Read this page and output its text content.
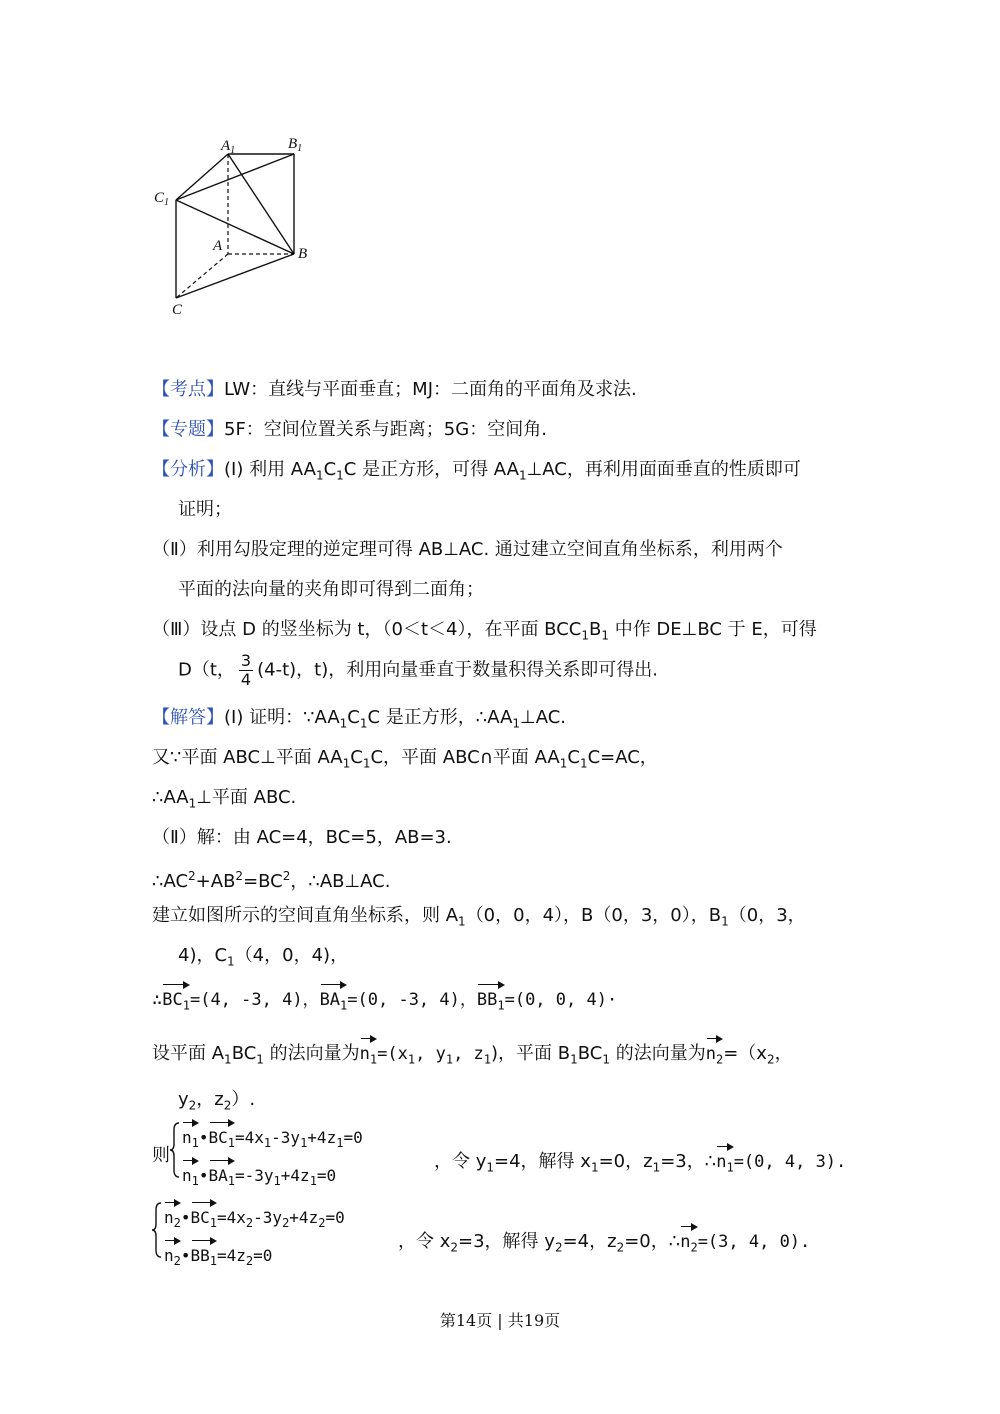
$A_1$	$B_1$
$C_1$
A	B
C
【考点】LW：直线与平面垂直；MJ：二面角的平面角及求法.
【专题】5F：空间位置关系与距离；5G：空间角.
【分析】(Ⅰ) 利用 $AA_1C_1C$ 是正方形，可得 $AA_1\perp AC$，再利用面面垂直的性质即可
证明；
（Ⅱ）利用勾股定理的逆定理可得 AB⊥AC. 通过建立空间直角坐标系，利用两个
平面的法向量的夹角即可得到二面角；
（Ⅲ）设点 D 的竖坐标为 t，（0＜t＜4），在平面 $BCC_1B_1$ 中作 DE⊥BC 于 E，可得
D（t， $\frac{3}{4} (4-t)$，t)，利用向量垂直于数量积得关系即可得出.
【解答】(Ⅰ) 证明：$\because AA_1C_1C$ 是正方形，$\therefore AA_1\perp AC$.
又∵平面 ABC⊥平面 $AA_1C_1C$，平面 ABC∩平面 $AA_1C_1C=AC$，
$\therefore AA_1\perp$平面 ABC.
（Ⅱ）解：由 AC=4，BC=5，AB=3.
$\therefore AC^2+AB^2=BC^2$，∴AB⊥AC.
建立如图所示的空间直角坐标系，则 $A_1(0$，0，4），B（0，3，0），$B_1(0$，3，
4)，$C_1(4$，0，4)，
$\therefore BC_1=(4$, -3, 4)，$BA_1=(0$, -3, 4)，$BB_1=(0$, 0, 4)·
设平面 $A_1BC_1$ 的法向量为$n_1=(x_1$, $y_1$, $z_1$)，平面 $B_1BC_1$ 的法向量为$n_2=(x_2$，
$y_2$，$z_2$）.
则
$n_1•BC_1=4x_1-3y_1+4z_1=0$
$n_1•BA_1=-3y_1+4z_1=0$
，令 $y_1=4$，解得 $x_1=0$，$z_1=3$，$\therefore n_1=(0$, 4, 3).
$n_2•BC_1=4x_2-3y_2+4z_2=0$
$n_2•BB_1=4z_2=0$
，令 $x_2=3$，解得 $y_2=4$，$z_2=0$，$\therefore n_2=(3$, 4, 0).
第14页 | 共19页
